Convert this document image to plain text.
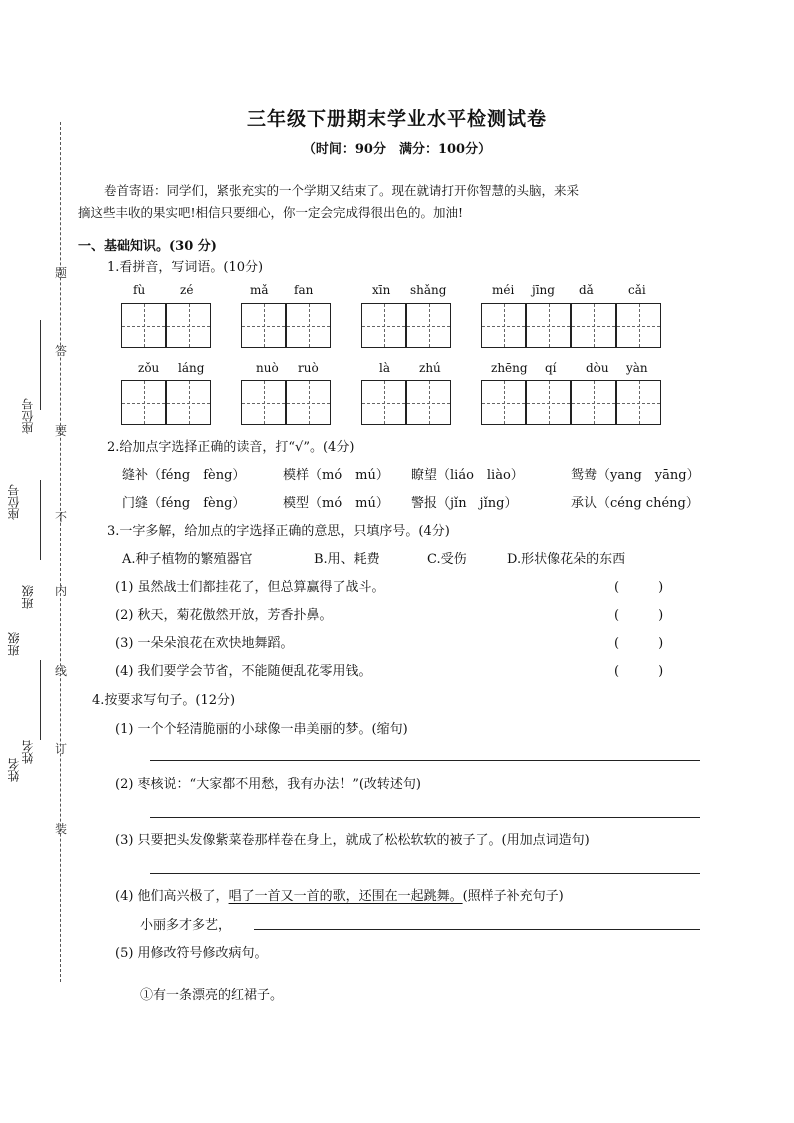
题
答
要
不
内
线
订
装
座位号
班级
姓名
座位号
班级
姓名
三年级下册期末学业水平检测试卷
（时间：90分　满分：100分）

卷首寄语：同学们，紧张充实的一个学期又结束了。现在就请打开你智慧的头脑，来采

摘这些丰收的果实吧!相信只要细心，你一定会完成得很出色的。加油!

一、基础知识。(30 分)
1.看拼音，写词语。(10分)
fù	zé	mǎ fan	xīn shǎng	méi jīng dǎ	cǎi
zǒu láng	nuò ruò	là zhú	zhēng qí dòu yàn
2.给加点字选择正确的读音，打“√”。(4分)
缝补（féng　fèng）	模样（mó　mú） 瞭望（liáo　liào）	鸳鸯（yang　yāng）
门缝（féng　fèng）	模型（mó　mú） 警报（jǐn　jǐng）	承认（céng chéng）
3.一字多解，给加点的字选择正确的意思，只填序号。(4分)
A.种子植物的繁殖器官	B.用、耗费	C.受伤	D.形状像花朵的东西
(1) 虽然战士们都挂花了，但总算赢得了战斗。	(　　　)
(2) 秋天，菊花傲然开放，芳香扑鼻。	(　　　)
(3) 一朵朵浪花在欢快地舞蹈。	(　　　)
(4) 我们要学会节省，不能随便乱花零用钱。	(　　　)
4.按要求写句子。(12分)
(1) 一个个轻清脆丽的小球像一串美丽的梦。(缩句)
(2) 枣核说：“大家都不用愁，我有办法！”(改转述句)
(3) 只要把头发像紫菜卷那样卷在身上，就成了松松软软的被子了。(用加点词造句)
(4) 他们高兴极了，唱了一首又一首的歌，还围在一起跳舞。(照样子补充句子)
小丽多才多艺，
(5) 用修改符号修改病句。
①有一条漂亮的红裙子。
